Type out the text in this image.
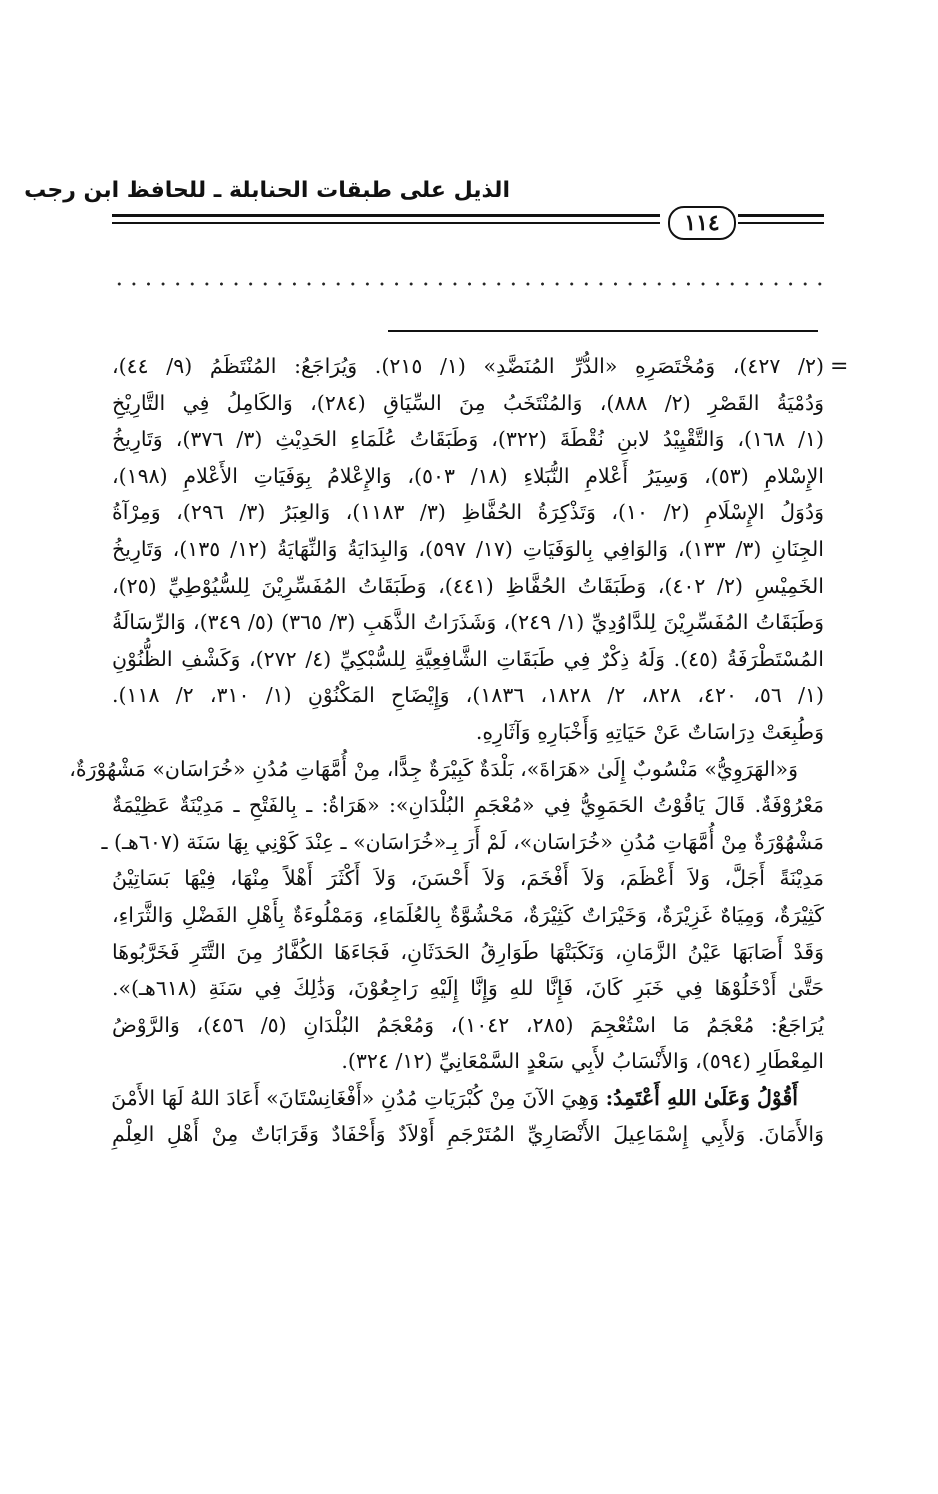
الذيل على طبقات الحنابلة ـ للحافظ ابن رجب
١١٤
=
(٢/ ٤٢٧)، وَمُخْتَصَرِهِ «الدُّرِّ المُنَضَّدِ» (١/ ٢١٥). وَيُرَاجَعُ: المُنْتَظَمُ (٩/ ٤٤)،
وَدُمْيَةُ القَصْرِ (٢/ ٨٨٨)، وَالمُنْتَخَبُ مِنَ السِّيَاقِ (٢٨٤)، وَالكَامِلُ فِي التَّارِيْخِ
(١/ ١٦٨)، وَالتَّقْيِيْدُ لابنِ نُقْطَةَ (٣٢٢)، وَطَبَقَاتُ عُلَمَاءِ الحَدِيْثِ (٣/ ٣٧٦)، وَتَارِيخُ
الإِسْلامِ (٥٣)، وَسِيَرُ أَعْلامِ النُّبَلاءِ (١٨/ ٥٠٣)، وَالإِعْلامُ بِوَفَيَاتِ الأَعْلامِ (١٩٨)،
وَدُوَلُ الإِسْلَامِ (٢/ ١٠)، وَتَذْكِرَةُ الحُفَّاظِ (٣/ ١١٨٣)، وَالعِبَرُ (٣/ ٢٩٦)، وَمِرْآةُ
الجِنَانِ (٣/ ١٣٣)، وَالوَافِي بِالوَفَيَاتِ (١٧/ ٥٩٧)، وَالبِدَايَةُ وَالنِّهَايَةُ (١٢/ ١٣٥)، وَتَارِيخُ
الخَمِيْسِ (٢/ ٤٠٢)، وَطَبَقَاتُ الحُفَّاظِ (٤٤١)، وَطَبَقَاتُ المُفَسِّرِيْنَ لِلسُّيُوْطِيِّ (٢٥)،
وَطَبَقَاتُ المُفَسِّرِيْنَ لِلدَّاوُدِيِّ (١/ ٢٤٩)، وَشَذَرَاتُ الذَّهَبِ (٣/ ٣٦٥) (٥/ ٣٤٩)، وَالرِّسَالَةُ
المُسْتَطْرَفَةُ (٤٥). وَلَهُ ذِكْرٌ فِي طَبَقَاتِ الشَّافِعِيَّةِ لِلسُّبْكِيِّ (٤/ ٢٧٢)، وَكَشْفِ الظُّنُوْنِ
(١/ ٥٦، ٤٢٠، ٨٢٨، ٢/ ١٨٢٨، ١٨٣٦)، وَإِيْضَاحِ المَكْنُوْنِ (١/ ٣١٠، ٢/ ١١٨).
وَطُبِعَتْ دِرَاسَاتٌ عَنْ حَيَاتِهِ وَأَخْبَارِهِ وَآثَارِهِ.
وَ«الهَرَوِيُّ» مَنْسُوبٌ إِلَىٰ «هَرَاةَ»، بَلْدَةٌ كَبِيْرَةٌ جِدًّا، مِنْ أُمَّهَاتِ مُدُنِ «خُرَاسَان» مَشْهُوْرَةٌ،
مَعْرُوْفَةٌ. قَالَ يَاقُوْتُ الحَمَوِيُّ فِي «مُعْجَمِ البُلْدَانِ»: «هَرَاةُ: ـ بِالفَتْحِ ـ مَدِيْنَةٌ عَظِيْمَةٌ
مَشْهُوْرَةٌ مِنْ أُمَّهَاتِ مُدُنِ «خُرَاسَان»، لَمْ أَرَ بِـ«خُرَاسَان» ـ عِنْدَ كَوْنِي بِهَا سَنَة (٦٠٧هـ) ـ
مَدِيْنَةً أَجَلَّ، وَلاَ أَعْظَمَ، وَلاَ أَفْخَمَ، وَلاَ أَحْسَنَ، وَلاَ أَكْثَرَ أَهْلاً مِنْهَا، فِيْهَا بَسَاتِيْنُ
كَثِيْرَةٌ، وَمِيَاهٌ غَزِيْرَةٌ، وَخَيْرَاتٌ كَثِيْرَةٌ، مَحْشُوَّةٌ بِالعُلَمَاءِ، وَمَمْلُوءَةٌ بِأَهْلِ الفَضْلِ وَالثَّرَاءِ،
وَقَدْ أَصَابَهَا عَيْنُ الزَّمَانِ، وَنَكَبَتْهَا طَوَارِقُ الحَدَثَانِ، فَجَاءَهَا الكُفَّارُ مِنَ التَّتَرِ فَخَرَّبُوهَا
حَتَّىٰ أَدْخَلُوْهَا فِي خَبَرِ كَانَ، فَإِنَّا للهِ وَإِنَّا إِلَيْهِ رَاجِعُوْنَ، وَذَٰلِكَ فِي سَنَةِ (٦١٨هـ)».
يُرَاجَعُ: مُعْجَمُ مَا اسْتُعْجِمَ (٢٨٥، ١٠٤٢)، وَمُعْجَمُ البُلْدَانِ (٥/ ٤٥٦)، وَالرَّوْضُ
المِعْطَارِ (٥٩٤)، وَالأَنْسَابُ لأَبِي سَعْدٍ السَّمْعَانِيِّ (١٢/ ٣٢٤).
أَقُوْلُ وَعَلَىٰ اللهِ أَعْتَمِدُ: وَهِيَ الآنَ مِنْ كُبْرَيَاتِ مُدُنِ «أَفْغَانِسْتَانَ» أَعَادَ اللهُ لَهَا الأَمْنَ
وَالأَمَانَ. وَلأَبِي إِسْمَاعِيلَ الأَنْصَارِيِّ المُتَرْجَمِ أَوْلاَدٌ وَأَحْفَادٌ وَقَرَابَاتٌ مِنْ أَهْلِ العِلْمِ
